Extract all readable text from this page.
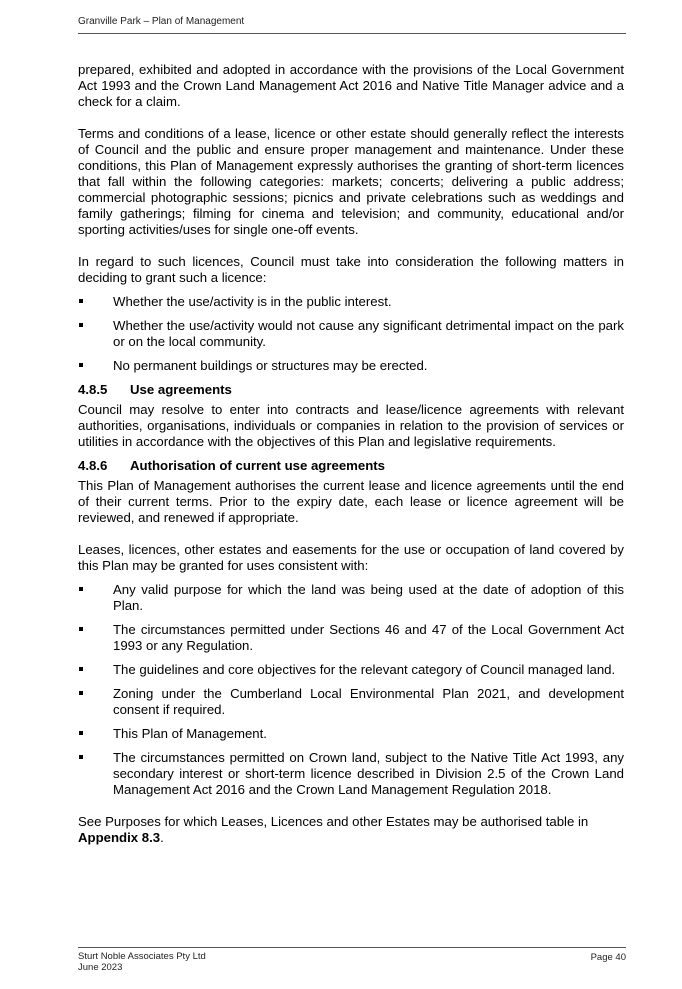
Granville Park – Plan of Management

prepared, exhibited and adopted in accordance with the provisions of the Local Government Act 1993 and the Crown Land Management Act 2016 and Native Title Manager advice and a check for a claim.

Terms and conditions of a lease, licence or other estate should generally reflect the interests of Council and the public and ensure proper management and maintenance. Under these conditions, this Plan of Management expressly authorises the granting of short-term licences that fall within the following categories: markets; concerts; delivering a public address; commercial photographic sessions; picnics and private celebrations such as weddings and family gatherings; filming for cinema and television; and community, educational and/or sporting activities/uses for single one-off events.

In regard to such licences, Council must take into consideration the following matters in deciding to grant such a licence:

Whether the use/activity is in the public interest.
Whether the use/activity would not cause any significant detrimental impact on the park or on the local community.
No permanent buildings or structures may be erected.
4.8.5 Use agreements

Council may resolve to enter into contracts and lease/licence agreements with relevant authorities, organisations, individuals or companies in relation to the provision of services or utilities in accordance with the objectives of this Plan and legislative requirements.

4.8.6 Authorisation of current use agreements

This Plan of Management authorises the current lease and licence agreements until the end of their current terms. Prior to the expiry date, each lease or licence agreement will be reviewed, and renewed if appropriate.

Leases, licences, other estates and easements for the use or occupation of land covered by this Plan may be granted for uses consistent with:

Any valid purpose for which the land was being used at the date of adoption of this Plan.
The circumstances permitted under Sections 46 and 47 of the Local Government Act 1993 or any Regulation.
The guidelines and core objectives for the relevant category of Council managed land.
Zoning under the Cumberland Local Environmental Plan 2021, and development consent if required.
This Plan of Management.
The circumstances permitted on Crown land, subject to the Native Title Act 1993, any secondary interest or short-term licence described in Division 2.5 of the Crown Land Management Act 2016 and the Crown Land Management Regulation 2018.

See Purposes for which Leases, Licences and other Estates may be authorised table in Appendix 8.3.

Sturt Noble Associates Pty Ltd
June 2023
Page 40
